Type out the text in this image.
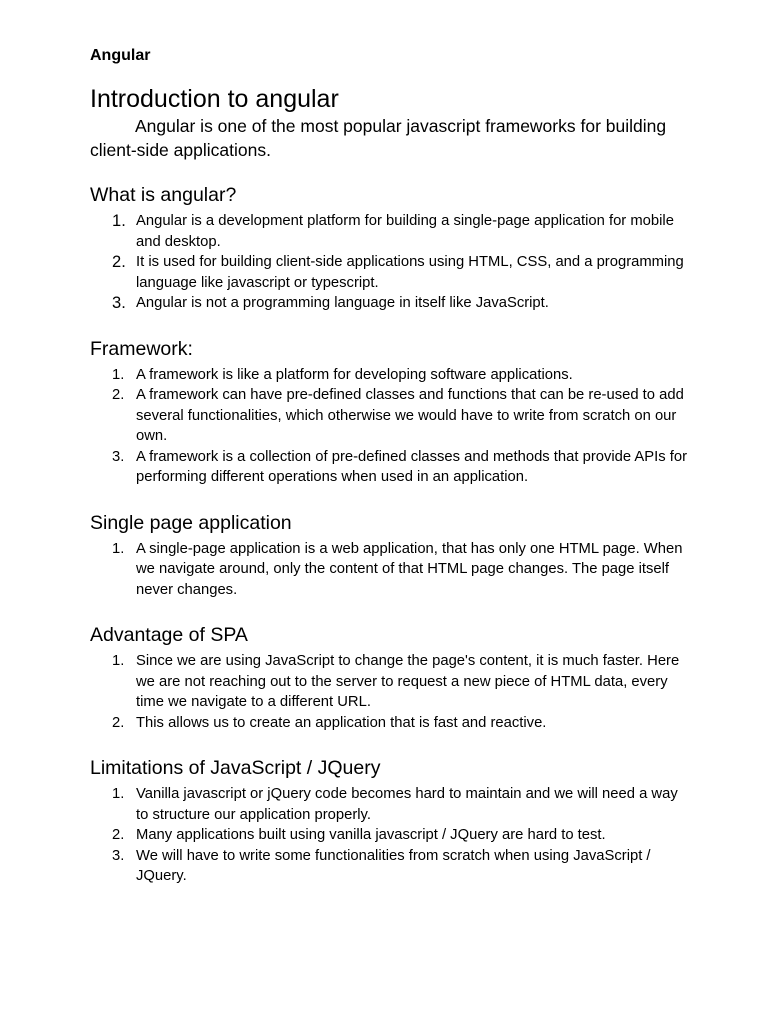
Angular

Introduction to angular

Angular is one of the most popular javascript frameworks for building client-side applications.

What is angular?
Angular is a development platform for building a single-page application for mobile and desktop.
It is used for building client-side applications using HTML, CSS, and a programming language like javascript or typescript.
Angular is not a programming language in itself like JavaScript.
Framework:
A framework is like a platform for developing software applications.
A framework can have pre-defined classes and functions that can be re-used to add several functionalities, which otherwise we would have to write from scratch on our own.
A framework is a collection of pre-defined classes and methods that provide APIs for performing different operations when used in an application.
Single page application
A single-page application is a web application, that has only one HTML page. When we navigate around, only the content of that HTML page changes. The page itself never changes.
Advantage of SPA
Since we are using JavaScript to change the page's content, it is much faster. Here we are not reaching out to the server to request a new piece of HTML data, every time we navigate to a different URL.
This allows us to create an application that is fast and reactive.
Limitations of JavaScript / JQuery
Vanilla javascript or jQuery code becomes hard to maintain and we will need a way to structure our application properly.
Many applications built using vanilla javascript / JQuery are hard to test.
We will have to write some functionalities from scratch when using JavaScript / JQuery.
